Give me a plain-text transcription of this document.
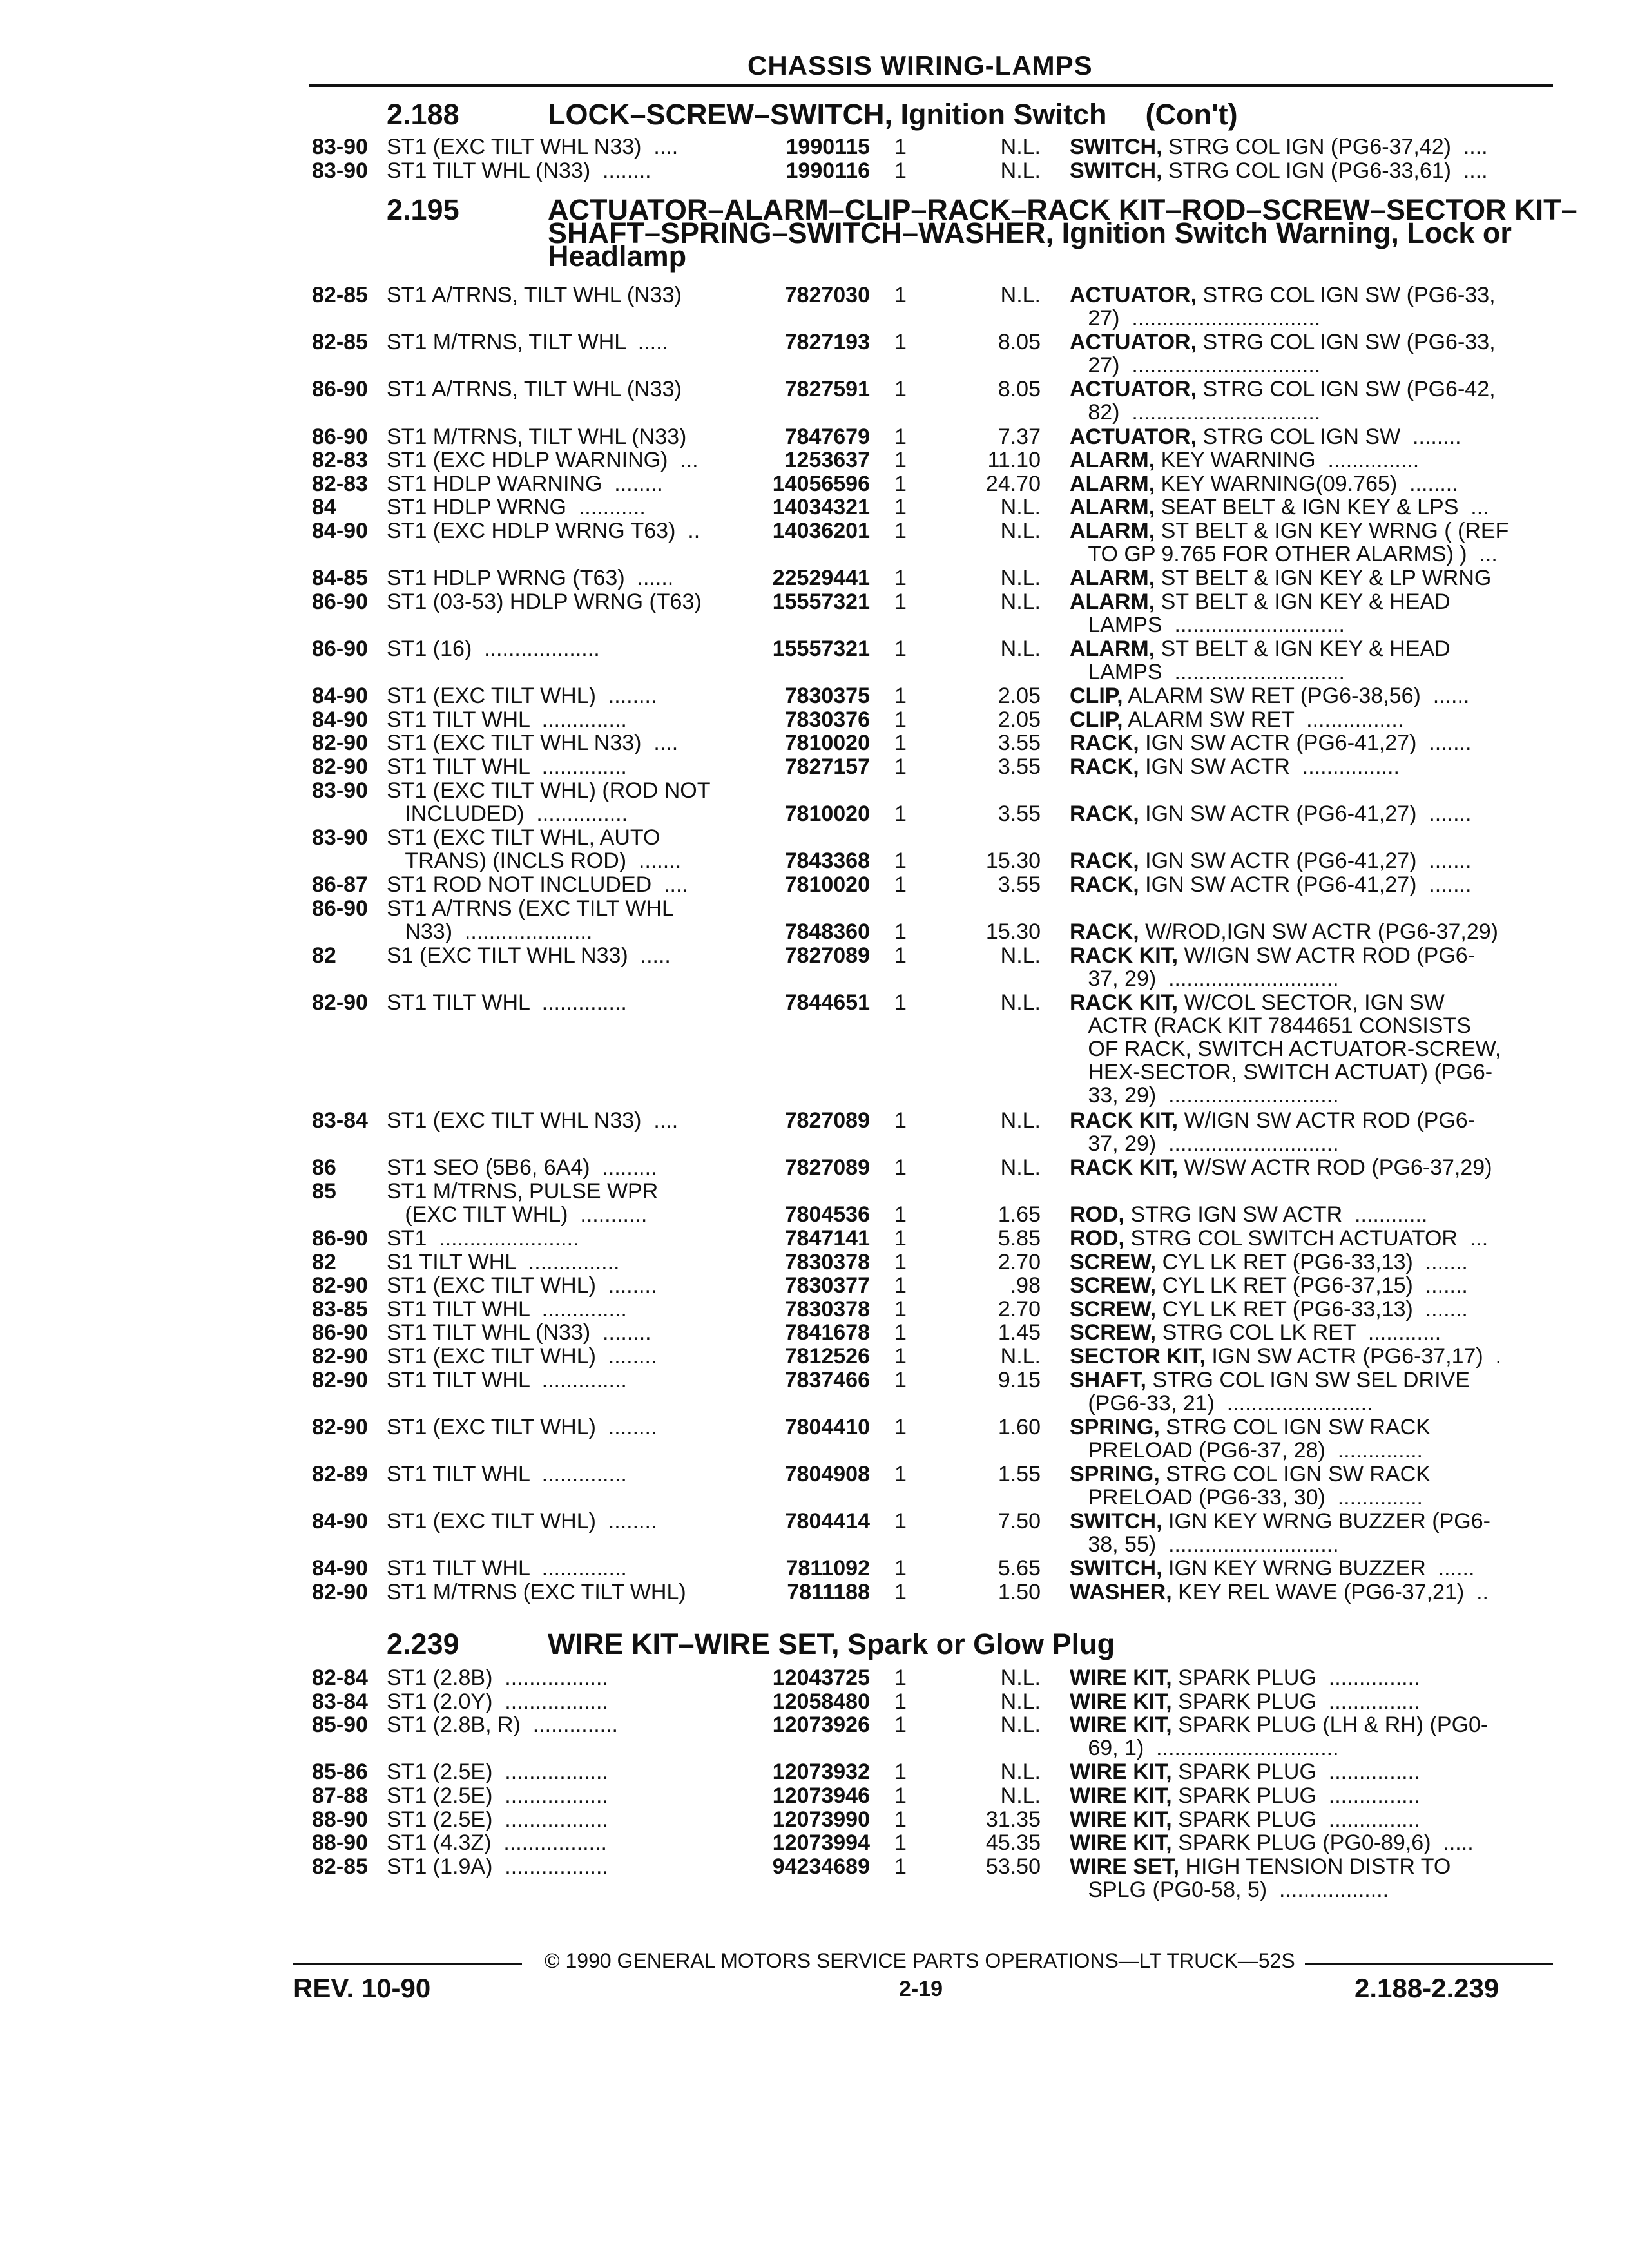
CHASSIS WIRING-LAMPS
2.188	LOCK–SCREW–SWITCH, Ignition Switch (Con't)
83-90 ST1 (EXC TILT WHL N33)  ....	1990115 1	N.L. SWITCH, STRG COL IGN (PG6-37,42)  ....
83-90 ST1 TILT WHL (N33)  ........	1990116 1	N.L. SWITCH, STRG COL IGN (PG6-33,61)  ....
2.195	ACTUATOR–ALARM–CLIP–RACK–RACK KIT–ROD–SCREW–SECTOR KIT–SHAFT–SPRING–SWITCH–WASHER, Ignition Switch Warning, Lock or Headlamp
82-85 ST1 A/TRNS, TILT WHL (N33)	7827030 1	N.L. ACTUATOR, STRG COL IGN SW (PG6-33,
27)  ...............................
82-85 ST1 M/TRNS, TILT WHL  .....	7827193 1	8.05 ACTUATOR, STRG COL IGN SW (PG6-33,
27)  ...............................
86-90 ST1 A/TRNS, TILT WHL (N33)	7827591 1	8.05 ACTUATOR, STRG COL IGN SW (PG6-42,
82)  ...............................
86-90 ST1 M/TRNS, TILT WHL (N33)	7847679 1	7.37 ACTUATOR, STRG COL IGN SW  ........
82-83 ST1 (EXC HDLP WARNING)  ...	1253637 1	11.10 ALARM, KEY WARNING  ...............
82-83 ST1 HDLP WARNING  ........	14056596 1	24.70 ALARM, KEY WARNING(09.765)  ........
84 ST1 HDLP WRNG  ...........	14034321 1	N.L. ALARM, SEAT BELT & IGN KEY & LPS  ...
84-90 ST1 (EXC HDLP WRNG T63)  ..	14036201 1	N.L. ALARM, ST BELT & IGN KEY WRNG ( (REF
TO GP 9.765 FOR OTHER ALARMS) )  ...
84-85 ST1 HDLP WRNG (T63)  ......	22529441 1	N.L. ALARM, ST BELT & IGN KEY & LP WRNG
86-90 ST1 (03-53) HDLP WRNG (T63)	15557321 1	N.L. ALARM, ST BELT & IGN KEY & HEAD
LAMPS  ............................
86-90 ST1 (16)  ...................	15557321 1	N.L. ALARM, ST BELT & IGN KEY & HEAD
LAMPS  ............................
84-90 ST1 (EXC TILT WHL)  ........	7830375 1	2.05 CLIP, ALARM SW RET (PG6-38,56)  ......
84-90 ST1 TILT WHL  ..............	7830376 1	2.05 CLIP, ALARM SW RET  ................
82-90 ST1 (EXC TILT WHL N33)  ....	7810020 1	3.55 RACK, IGN SW ACTR (PG6-41,27)  .......
82-90 ST1 TILT WHL  ..............	7827157 1	3.55 RACK, IGN SW ACTR  ................
83-90 ST1 (EXC TILT WHL) (ROD NOT
INCLUDED)  ...............	7810020 1	3.55 RACK, IGN SW ACTR (PG6-41,27)  .......
83-90 ST1 (EXC TILT WHL, AUTO
TRANS) (INCLS ROD)  .......	7843368 1	15.30 RACK, IGN SW ACTR (PG6-41,27)  .......
86-87 ST1 ROD NOT INCLUDED  ....	7810020 1	3.55 RACK, IGN SW ACTR (PG6-41,27)  .......
86-90 ST1 A/TRNS (EXC TILT WHL
N33)  .....................	7848360 1	15.30 RACK, W/ROD,IGN SW ACTR (PG6-37,29)
82 S1 (EXC TILT WHL N33)  .....	7827089 1	N.L. RACK KIT, W/IGN SW ACTR ROD (PG6-
37, 29)  ............................
82-90 ST1 TILT WHL  ..............	7844651 1	N.L. RACK KIT, W/COL SECTOR, IGN SW
ACTR (RACK KIT 7844651 CONSISTS
OF RACK, SWITCH ACTUATOR-SCREW,
HEX-SECTOR, SWITCH ACTUAT) (PG6-
33, 29)  ............................
83-84 ST1 (EXC TILT WHL N33)  ....	7827089 1	N.L. RACK KIT, W/IGN SW ACTR ROD (PG6-
37, 29)  ............................
86 ST1 SEO (5B6, 6A4)  .........	7827089 1	N.L. RACK KIT, W/SW ACTR ROD (PG6-37,29)
85 ST1 M/TRNS, PULSE WPR
(EXC TILT WHL)  ...........	7804536 1	1.65 ROD, STRG IGN SW ACTR  ............
86-90 ST1  .......................	7847141 1	5.85 ROD, STRG COL SWITCH ACTUATOR  ...
82 S1 TILT WHL  ...............	7830378 1	2.70 SCREW, CYL LK RET (PG6-33,13)  .......
82-90 ST1 (EXC TILT WHL)  ........	7830377 1	.98 SCREW, CYL LK RET (PG6-37,15)  .......
83-85 ST1 TILT WHL  ..............	7830378 1	2.70 SCREW, CYL LK RET (PG6-33,13)  .......
86-90 ST1 TILT WHL (N33)  ........	7841678 1	1.45 SCREW, STRG COL LK RET  ............
82-90 ST1 (EXC TILT WHL)  ........	7812526 1	N.L. SECTOR KIT, IGN SW ACTR (PG6-37,17)  .
82-90 ST1 TILT WHL  ..............	7837466 1	9.15 SHAFT, STRG COL IGN SW SEL DRIVE
(PG6-33, 21)  ........................
82-90 ST1 (EXC TILT WHL)  ........	7804410 1	1.60 SPRING, STRG COL IGN SW RACK
PRELOAD (PG6-37, 28)  ..............
82-89 ST1 TILT WHL  ..............	7804908 1	1.55 SPRING, STRG COL IGN SW RACK
PRELOAD (PG6-33, 30)  ..............
84-90 ST1 (EXC TILT WHL)  ........	7804414 1	7.50 SWITCH, IGN KEY WRNG BUZZER (PG6-
38, 55)  ............................
84-90 ST1 TILT WHL  ..............	7811092 1	5.65 SWITCH, IGN KEY WRNG BUZZER  ......
82-90 ST1 M/TRNS (EXC TILT WHL)	7811188 1	1.50 WASHER, KEY REL WAVE (PG6-37,21)  ..
2.239	WIRE KIT–WIRE SET, Spark or Glow Plug
82-84 ST1 (2.8B)  .................	12043725 1	N.L. WIRE KIT, SPARK PLUG  ...............
83-84 ST1 (2.0Y)  .................	12058480 1	N.L. WIRE KIT, SPARK PLUG  ...............
85-90 ST1 (2.8B, R)  ..............	12073926 1	N.L. WIRE KIT, SPARK PLUG (LH & RH) (PG0-
69, 1)  ..............................
85-86 ST1 (2.5E)  .................	12073932 1	N.L. WIRE KIT, SPARK PLUG  ...............
87-88 ST1 (2.5E)  .................	12073946 1	N.L. WIRE KIT, SPARK PLUG  ...............
88-90 ST1 (2.5E)  .................	12073990 1	31.35 WIRE KIT, SPARK PLUG  ...............
88-90 ST1 (4.3Z)  .................	12073994 1	45.35 WIRE KIT, SPARK PLUG (PG0-89,6)  .....
82-85 ST1 (1.9A)  .................	94234689 1	53.50 WIRE SET, HIGH TENSION DISTR TO
SPLG (PG0-58, 5)  ..................
© 1990 GENERAL MOTORS SERVICE PARTS OPERATIONS—LT TRUCK—52S
REV. 10-90	2-19	2.188-2.239
